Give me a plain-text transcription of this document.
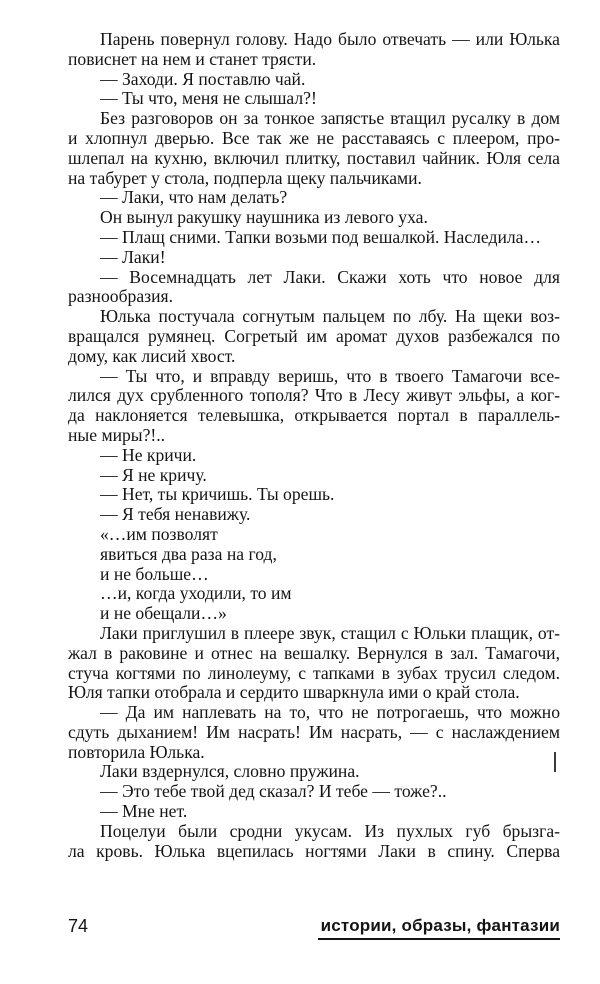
Парень повернул голову. Надо было отвечать — или Юлька
повиснет на нем и станет трясти.
— Заходи. Я поставлю чай.
— Ты что, меня не слышал?!
Без разговоров он за тонкое запястье втащил русалку в дом
и хлопнул дверью. Все так же не расставаясь с плеером, про-
шлепал на кухню, включил плитку, поставил чайник. Юля села
на табурет у стола, подперла щеку пальчиками.
— Лаки, что нам делать?
Он вынул ракушку наушника из левого уха.
— Плащ сними. Тапки возьми под вешалкой. Наследила…
— Лаки!
— Восемнадцать лет Лаки. Скажи хоть что новое для
разнообразия.
Юлька постучала согнутым пальцем по лбу. На щеки воз-
вращался румянец. Согретый им аромат духов разбежался по
дому, как лисий хвост.
— Ты что, и вправду веришь, что в твоего Тамагочи все-
лился дух срубленного тополя? Что в Лесу живут эльфы, а ког-
да наклоняется телевышка, открывается портал в параллель-
ные миры?!..
— Не кричи.
— Я не кричу.
— Нет, ты кричишь. Ты орешь.
— Я тебя ненавижу.
«…им позволят
явиться два раза на год,
и не больше…
…и, когда уходили, то им
и не обещали…»
Лаки приглушил в плеере звук, стащил с Юльки плащик, от-
жал в раковине и отнес на вешалку. Вернулся в зал. Тамагочи,
стуча когтями по линолеуму, с тапками в зубах трусил следом.
Юля тапки отобрала и сердито шваркнула ими о край стола.
— Да им наплевать на то, что не потрогаешь, что можно
сдуть дыханием! Им насрать! Им насрать, — с наслаждением
повторила Юлька.
Лаки вздернулся, словно пружина.
— Это тебе твой дед сказал? И тебе — тоже?..
— Мне нет.
Поцелуи были сродни укусам. Из пухлых губ брызга-
ла кровь. Юлька вцепилась ногтями Лаки в спину. Сперва
74	истории, образы, фантазии
